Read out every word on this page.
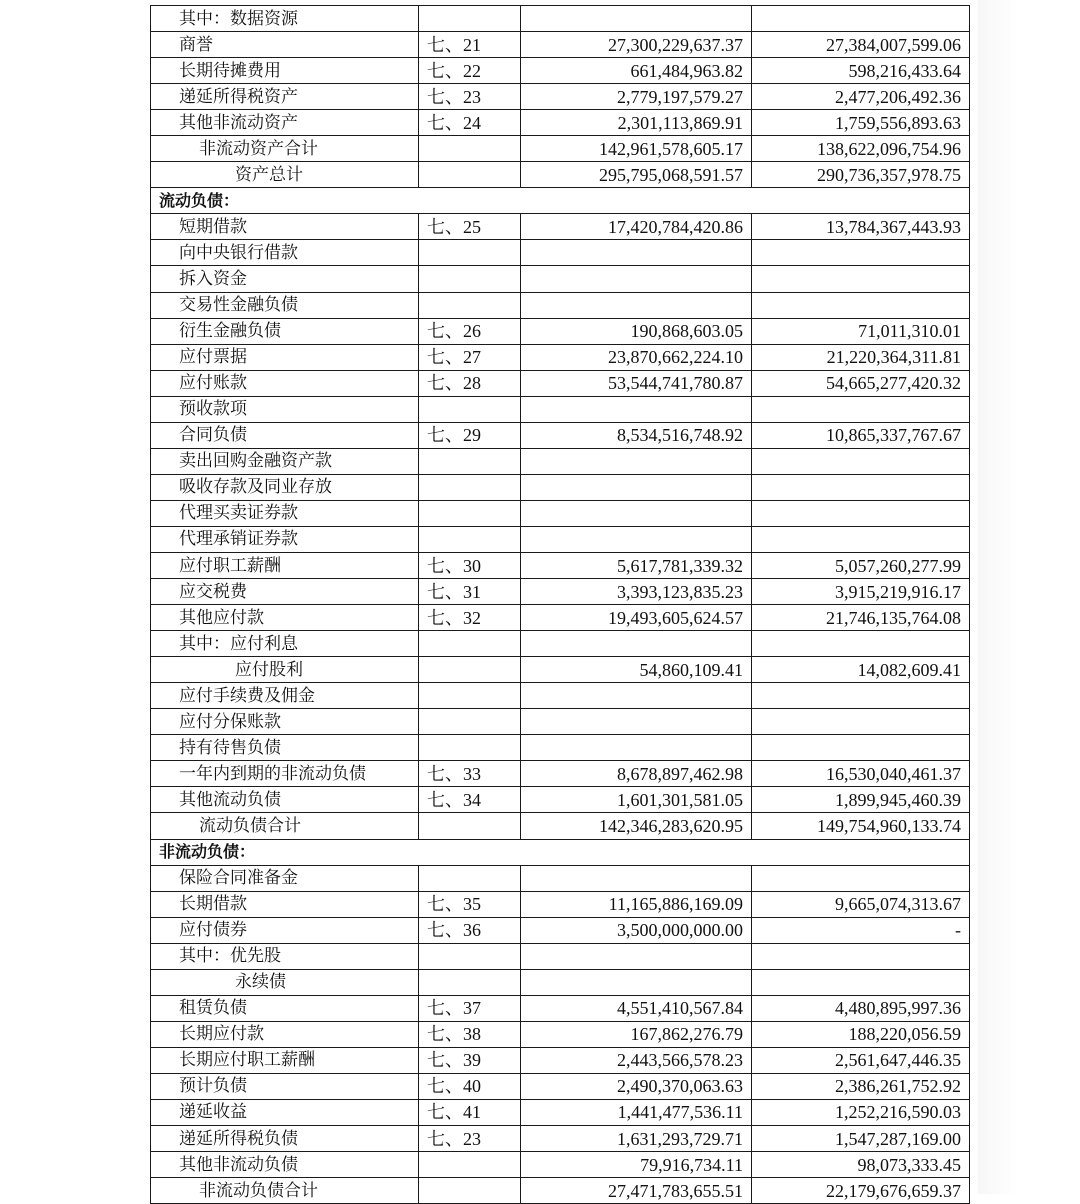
其中：数据资源			
商誉	七、21	27,300,229,637.37	27,384,007,599.06
长期待摊费用	七、22	661,484,963.82	598,216,433.64
递延所得税资产	七、23	2,779,197,579.27	2,477,206,492.36
其他非流动资产	七、24	2,301,113,869.91	1,759,556,893.63
非流动资产合计		142,961,578,605.17	138,622,096,754.96
资产总计		295,795,068,591.57	290,736,357,978.75
流动负债：			
短期借款	七、25	17,420,784,420.86	13,784,367,443.93
向中央银行借款			
拆入资金			
交易性金融负债			
衍生金融负债	七、26	190,868,603.05	71,011,310.01
应付票据	七、27	23,870,662,224.10	21,220,364,311.81
应付账款	七、28	53,544,741,780.87	54,665,277,420.32
预收款项			
合同负债	七、29	8,534,516,748.92	10,865,337,767.67
卖出回购金融资产款			
吸收存款及同业存放			
代理买卖证券款			
代理承销证券款			
应付职工薪酬	七、30	5,617,781,339.32	5,057,260,277.99
应交税费	七、31	3,393,123,835.23	3,915,219,916.17
其他应付款	七、32	19,493,605,624.57	21,746,135,764.08
其中：应付利息			
应付股利		54,860,109.41	14,082,609.41
应付手续费及佣金			
应付分保账款			
持有待售负债			
一年内到期的非流动负债	七、33	8,678,897,462.98	16,530,040,461.37
其他流动负债	七、34	1,601,301,581.05	1,899,945,460.39
流动负债合计		142,346,283,620.95	149,754,960,133.74
非流动负债：			
保险合同准备金			
长期借款	七、35	11,165,886,169.09	9,665,074,313.67
应付债券	七、36	3,500,000,000.00	-
其中：优先股			
永续债			
租赁负债	七、37	4,551,410,567.84	4,480,895,997.36
长期应付款	七、38	167,862,276.79	188,220,056.59
长期应付职工薪酬	七、39	2,443,566,578.23	2,561,647,446.35
预计负债	七、40	2,490,370,063.63	2,386,261,752.92
递延收益	七、41	1,441,477,536.11	1,252,216,590.03
递延所得税负债	七、23	1,631,293,729.71	1,547,287,169.00
其他非流动负债		79,916,734.11	98,073,333.45
非流动负债合计		27,471,783,655.51	22,179,676,659.37
